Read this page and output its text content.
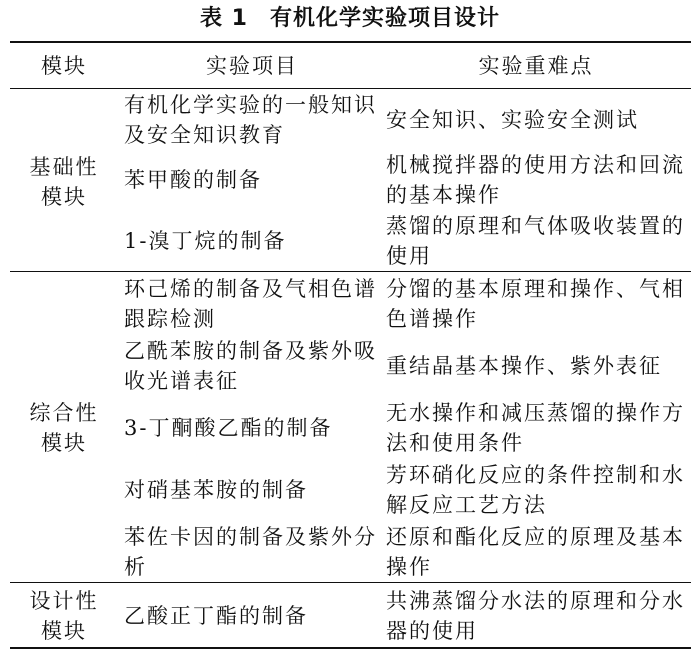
表 1 有机化学实验项目设计
模块	实验项目	实验重难点
基础性
模块
有机化学实验的一般知识及安全知识教育
安全知识、实验安全测试
苯甲酸的制备
机械搅拌器的使用方法和回流的基本操作
1-溴丁烷的制备
蒸馏的原理和气体吸收装置的使用
综合性
模块
环己烯的制备及气相色谱跟踪检测
分馏的基本原理和操作、气相色谱操作
乙酰苯胺的制备及紫外吸收光谱表征
重结晶基本操作、紫外表征
3-丁酮酸乙酯的制备
无水操作和减压蒸馏的操作方法和使用条件
对硝基苯胺的制备
芳环硝化反应的条件控制和水解反应工艺方法
苯佐卡因的制备及紫外分析
还原和酯化反应的原理及基本操作
设计性
模块
乙酸正丁酯的制备
共沸蒸馏分水法的原理和分水器的使用
